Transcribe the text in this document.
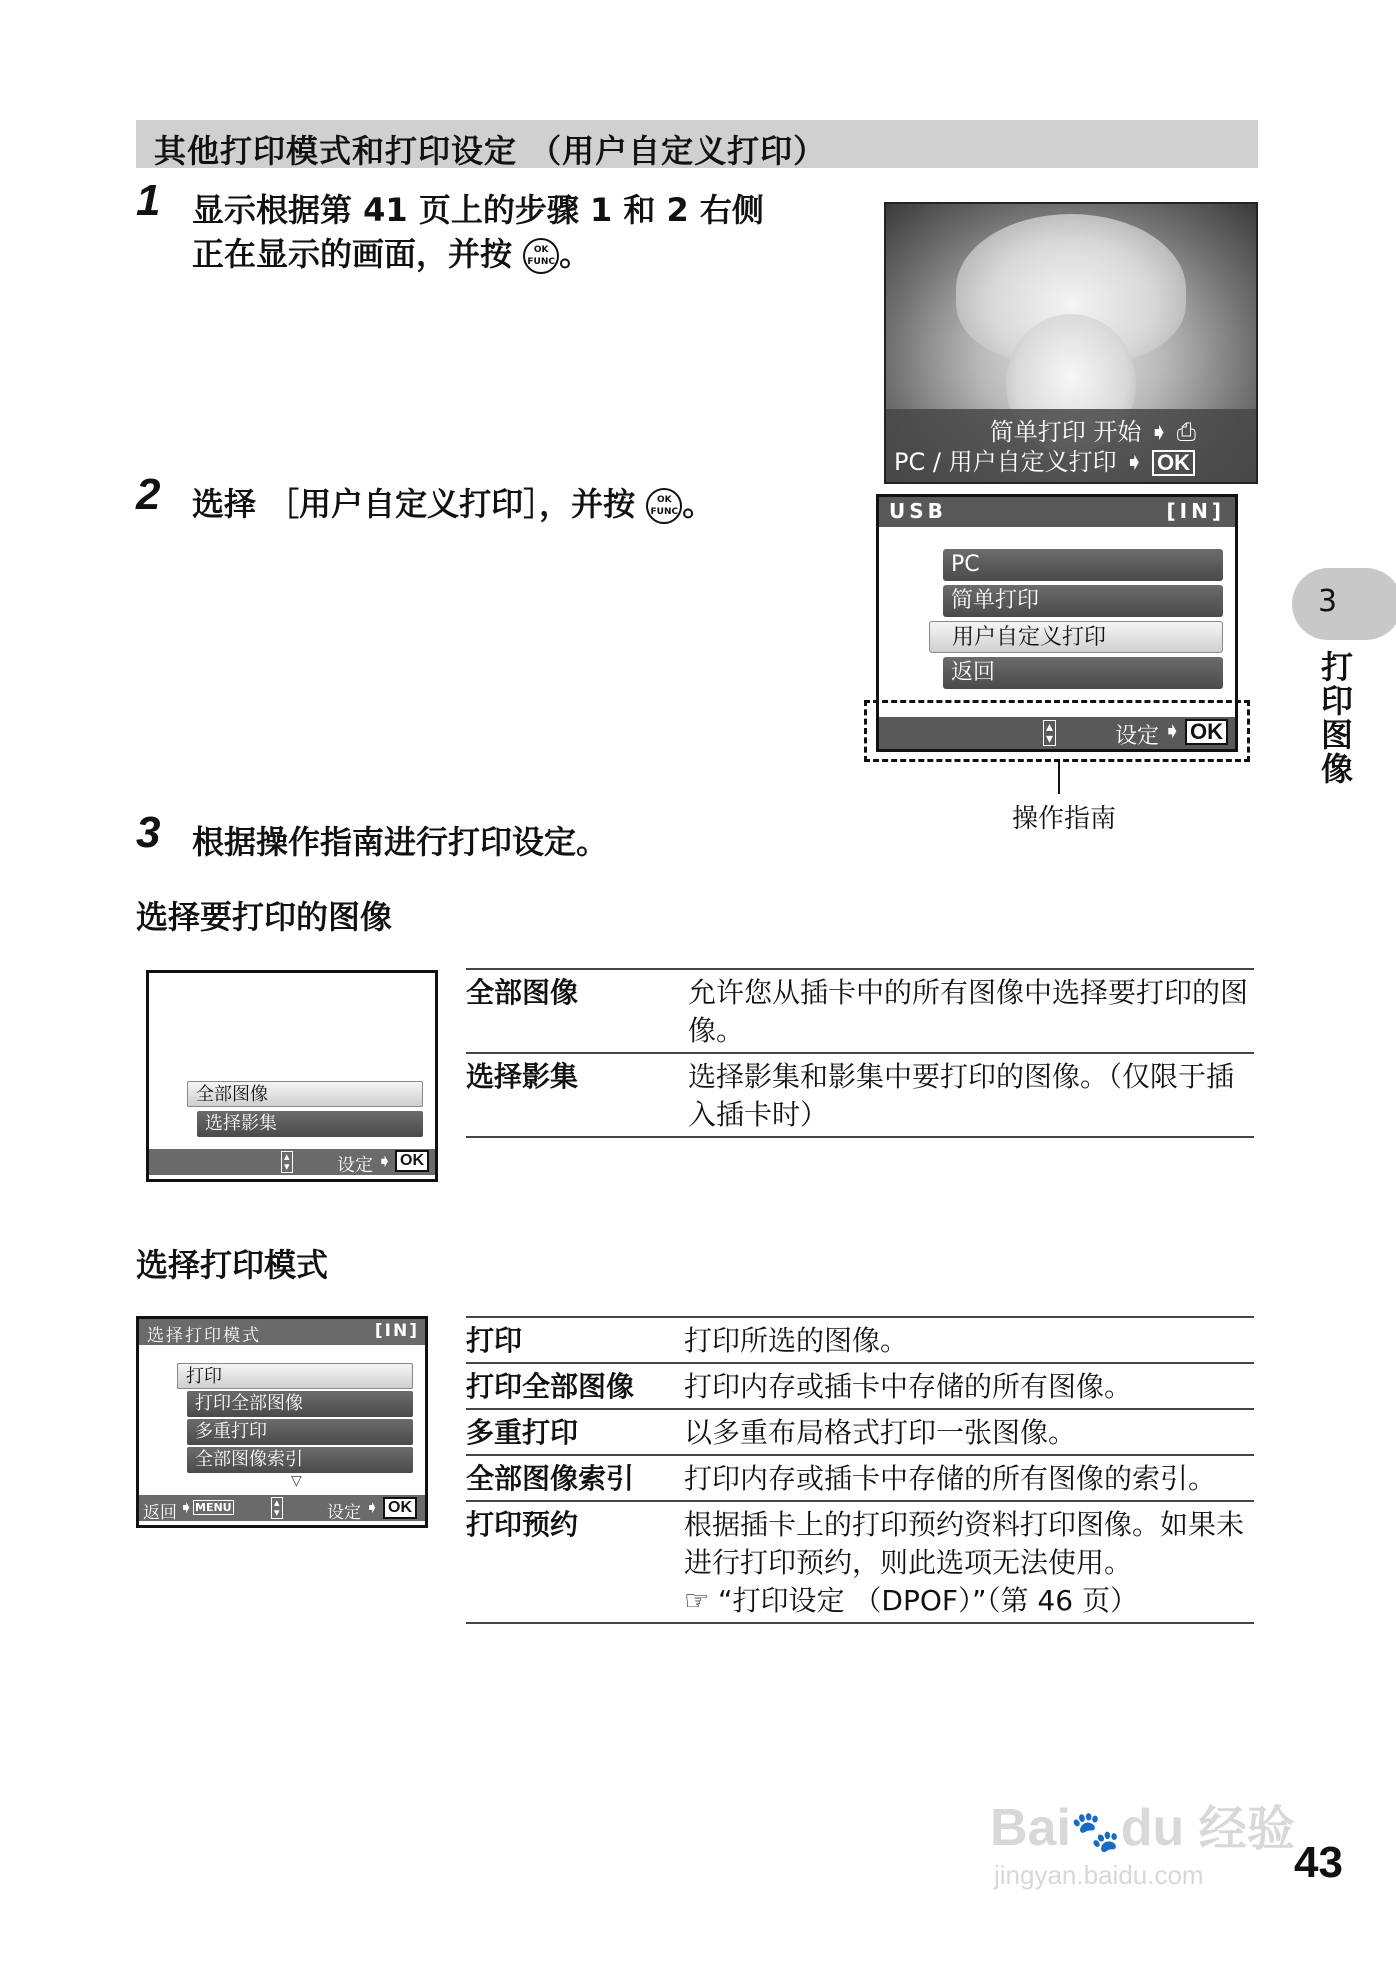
其他打印模式和打印设定 （用户自定义打印）
1 显示根据第 41 页上的步骤 1 和 2 右侧
正在显示的画面，并按 OK
FUNC 。
简单打印 开始 ➧ ⎙
PC / 用户自定义打印 ➧ OK
2 选择 ［用户自定义打印］，并按 OK
FUNC 。	USB	[IN]
PC
简单打印
用户自定义打印
返回
▴
▾	设定 ➧ OK
操作指南
3
打印图像
3 根据操作指南进行打印设定。
选择要打印的图像
全部图像
选择影集
▴
▾	设定 ➧ OK
全部图像	允许您从插卡中的所有图像中选择要打印的图像。
选择影集	选择影集和影集中要打印的图像。（仅限于插入插卡时）
选择打印模式
选择打印模式	[IN]
打印
打印全部图像
多重打印
全部图像索引
▽
返回 ➧ MENU	▴
▾	设定 ➧ OK
打印	打印所选的图像。
打印全部图像	打印内存或插卡中存储的所有图像。
多重打印	以多重布局格式打印一张图像。
全部图像索引	打印内存或插卡中存储的所有图像的索引。
打印预约	根据插卡上的打印预约资料打印图像。如果未进行打印预约，则此选项无法使用。
☞ “打印设定 （DPOF）”（第 46 页）
Bai🐾du 经验
jingyan.baidu.com 43
